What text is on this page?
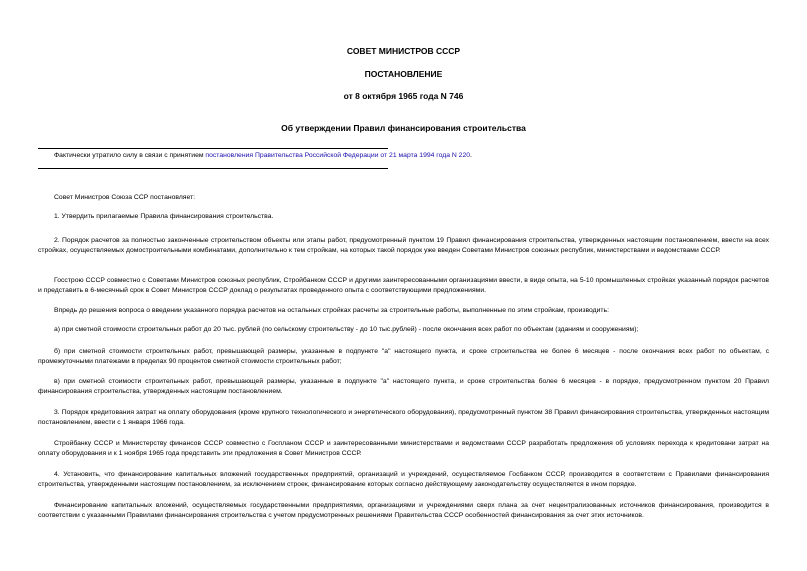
СОВЕТ МИНИСТРОВ СССР
ПОСТАНОВЛЕНИЕ
от 8 октября 1965 года N 746
Об утверждении Правил финансирования строительства
Фактически утратило силу в связи с принятием постановления Правительства Российской Федерации от 21 марта 1994 года N 220.
Совет Министров Союза ССР постановляет:
1. Утвердить прилагаемые Правила финансирования строительства.
2. Порядок расчетов за полностью законченные строительством объекты или этапы работ, предусмотренный пунктом 19 Правил финансирования строительства, утвержденных настоящим постановлением, ввести на всех стройках, осуществляемых домостроительными комбинатами, дополнительно к тем стройкам, на которых такой порядок уже введен Советами Министров союзных республик, министерствами и ведомствами СССР.
Госстрою СССР совместно с Советами Министров союзных республик, Стройбанком СССР и другими заинтересованными организациями ввести, в виде опыта, на 5-10 промышленных стройках указанный порядок расчетов и представить в 6-месячный срок в Совет Министров СССР доклад о результатах проведенного опыта с соответствующими предложениями.
Впредь до решения вопроса о введении указанного порядка расчетов на остальных стройках расчеты за строительные работы, выполненные по этим стройкам, производить:
а) при сметной стоимости строительных работ до 20 тыс. рублей (по сельскому строительству - до 10 тыс.рублей) - после окончания всех работ по объектам (зданиям и сооружениям);
б) при сметной стоимости строительных работ, превышающей размеры, указанные в подпункте "а" настоящего пункта, и сроке строительства не более 6 месяцев - после окончания всех работ по объектам, с промежуточными платежами в пределах 90 процентов сметной стоимости строительных работ;
в) при сметной стоимости строительных работ, превышающей размеры, указанные в подпункте "а" настоящего пункта, и сроке строительства более 6 месяцев - в порядке, предусмотренном пунктом 20 Правил финансирования строительства, утвержденных настоящим постановлением.
3. Порядок кредитования затрат на оплату оборудования (кроме крупного технологического и энергетического оборудования), предусмотренный пунктом 38 Правил финансирования строительства, утвержденных настоящим постановлением, ввести с 1 января 1966 года.
Стройбанку СССР и Министерству финансов СССР совместно с Госпланом СССР и заинтересованными министерствами и ведомствами СССР разработать предложения об условиях перехода к кредитовани затрат на оплату оборудования и к 1 ноября 1965 года представить эти предложения в Совет Министров СССР.
4. Установить, что финансирование капитальных вложений государственных предприятий, организаций и учреждений, осуществляемое Госбанком СССР, производится в соответствии с Правилами финансирования строительства, утвержденными настоящим постановлением, за исключением строек, финансирование которых согласно действующему законодательству осуществляется в ином порядке.
Финансирование капитальных вложений, осуществляемых государственными предприятиями, организациями и учреждениями сверх плана за счет нецентрализованных источников финансирования, производится в соответствии с указанными Правилами финансирования строительства с учетом предусмотренных решениями Правительства СССР особенностей финансирования за счет этих источников.
